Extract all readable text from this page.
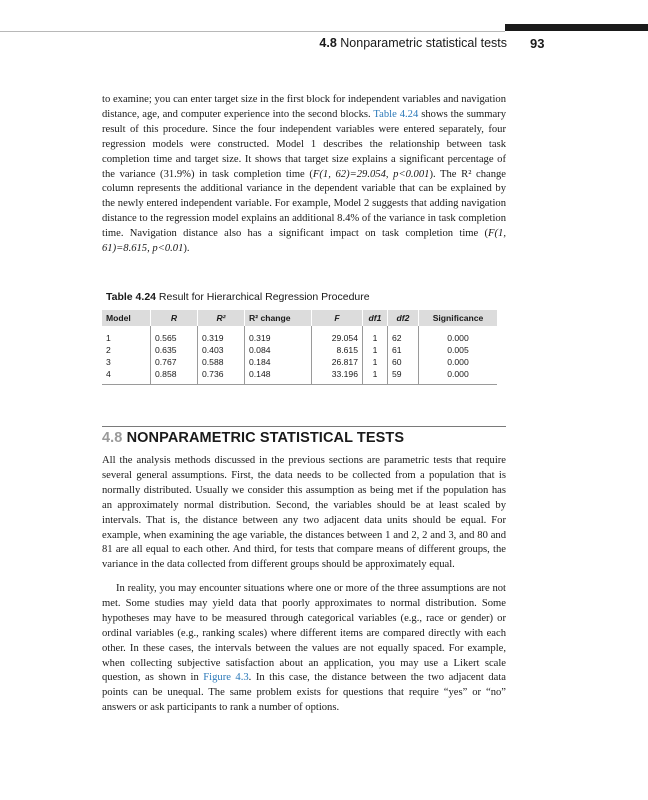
4.8 Nonparametric statistical tests 93
to examine; you can enter target size in the first block for independent variables and navigation distance, age, and computer experience into the second blocks. Table 4.24 shows the summary result of this procedure. Since the four independent variables were entered separately, four regression models were constructed. Model 1 describes the relationship between task completion time and target size. It shows that target size explains a significant percentage of the variance (31.9%) in task completion time (F(1, 62)=29.054, p<0.001). The R² change column represents the additional variance in the dependent variable that can be explained by the newly entered independent variable. For example, Model 2 suggests that adding navigation distance to the regression model explains an additional 8.4% of the variance in task completion time. Navigation distance also has a significant impact on task completion time (F(1, 61)=8.615, p<0.01).
Table 4.24 Result for Hierarchical Regression Procedure
Model	R	R²	R² change	F	df1	df2	Significance
1	0.565	0.319	0.319	29.054	1	62	0.000
2	0.635	0.403	0.084	8.615	1	61	0.005
3	0.767	0.588	0.184	26.817	1	60	0.000
4	0.858	0.736	0.148	33.196	1	59	0.000
4.8 NONPARAMETRIC STATISTICAL TESTS
All the analysis methods discussed in the previous sections are parametric tests that require several general assumptions. First, the data needs to be collected from a population that is normally distributed. Usually we consider this assumption as being met if the population has an approximately normal distribution. Second, the variables should be at least scaled by intervals. That is, the distance between any two adjacent data units should be equal. For example, when examining the age variable, the distances between 1 and 2, 2 and 3, and 80 and 81 are all equal to each other. And third, for tests that compare means of different groups, the variance in the data collected from different groups should be approximately equal.
In reality, you may encounter situations where one or more of the three assumptions are not met. Some studies may yield data that poorly approximates to normal distribution. Some hypotheses may have to be measured through categorical variables (e.g., race or gender) or ordinal variables (e.g., ranking scales) where different items are compared directly with each other. In these cases, the intervals between the values are not equally spaced. For example, when collecting subjective satisfaction about an application, you may use a Likert scale question, as shown in Figure 4.3. In this case, the distance between the two adjacent data points can be unequal. The same problem exists for questions that require “yes” or “no” answers or ask participants to rank a number of options.
